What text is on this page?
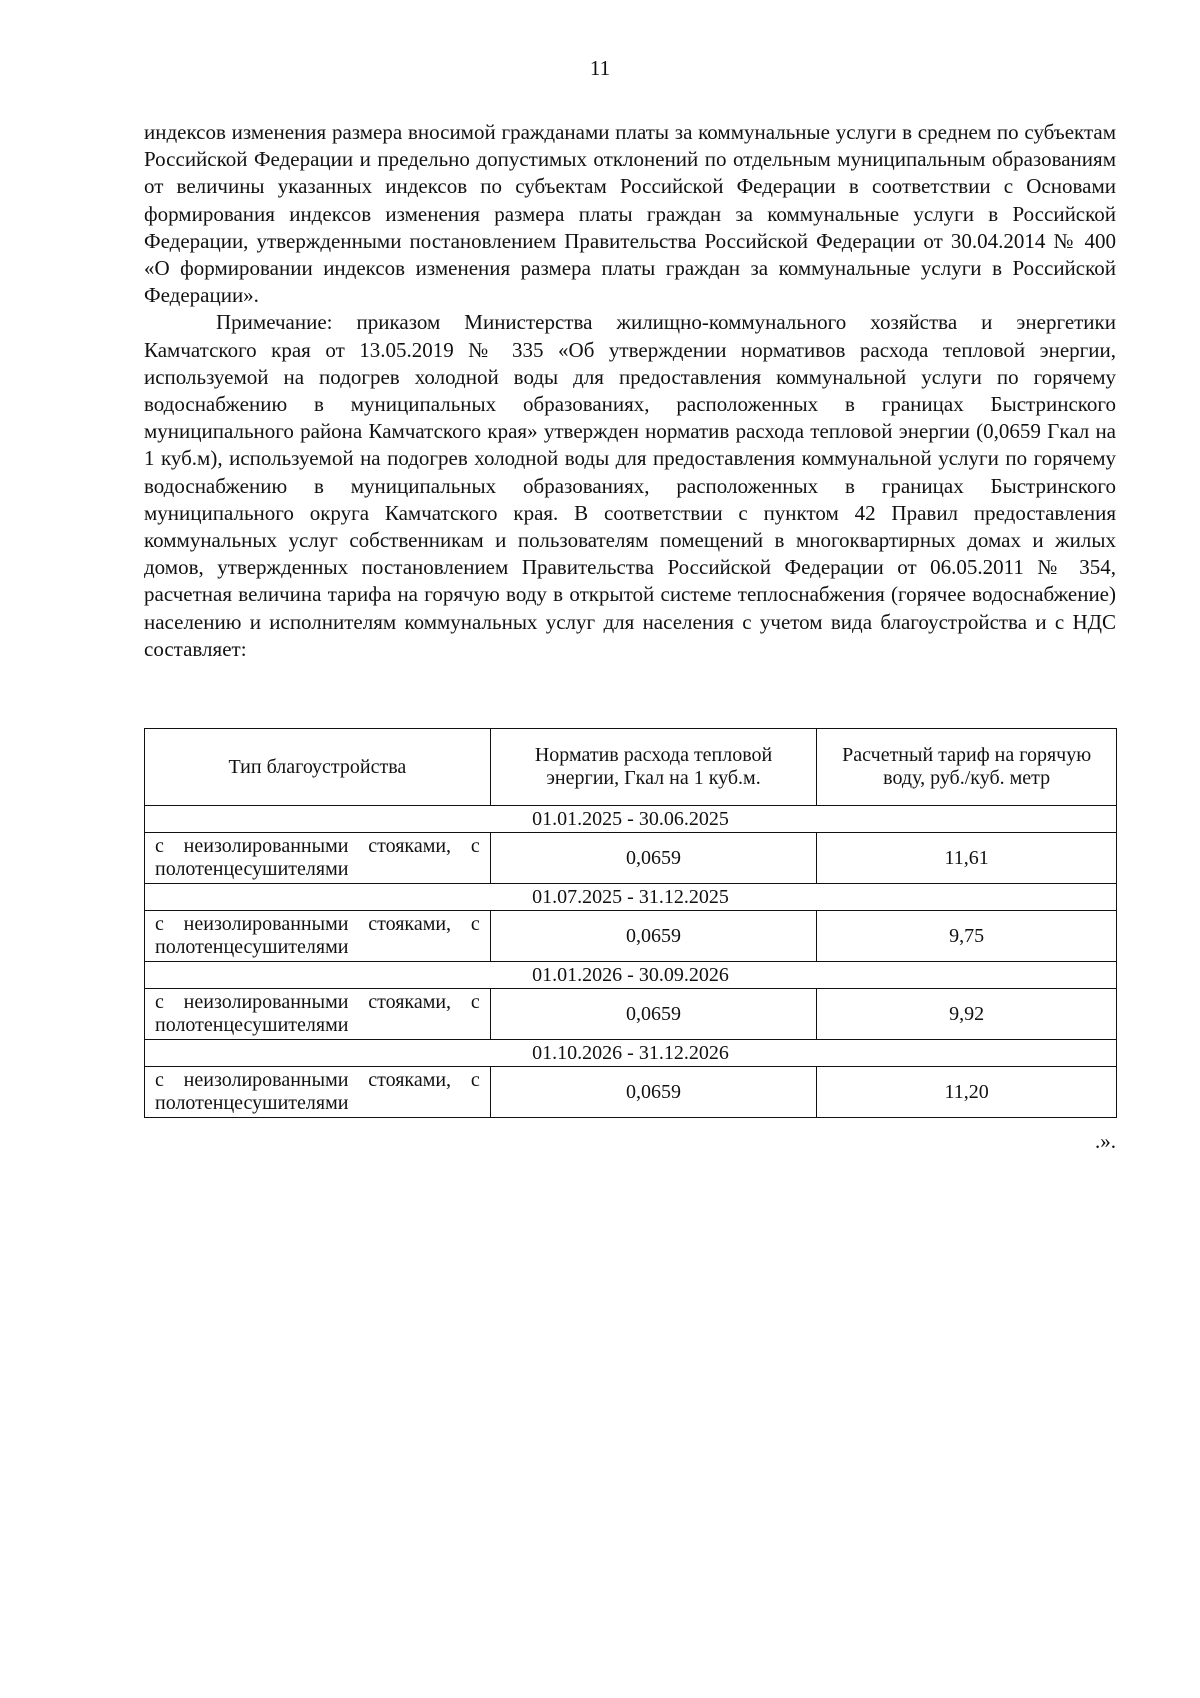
11

индексов изменения размера вносимой гражданами платы за коммунальные услуги в среднем по субъектам Российской Федерации и предельно допустимых отклонений по отдельным муниципальным образованиям от величины указанных индексов по субъектам Российской Федерации в соответствии с Основами формирования индексов изменения размера платы граждан за коммунальные услуги в Российской Федерации, утвержденными постановлением Правительства Российской Федерации от 30.04.2014 № 400 «О формировании индексов изменения размера платы граждан за коммунальные услуги в Российской Федерации».

Примечание: приказом Министерства жилищно-коммунального хозяйства и энергетики Камчатского края от 13.05.2019 № 335 «Об утверждении нормативов расхода тепловой энергии, используемой на подогрев холодной воды для предоставления коммунальной услуги по горячему водоснабжению в муниципальных образованиях, расположенных в границах Быстринского муниципального района Камчатского края» утвержден норматив расхода тепловой энергии (0,0659 Гкал на 1 куб.м), используемой на подогрев холодной воды для предоставления коммунальной услуги по горячему водоснабжению в муниципальных образованиях, расположенных в границах Быстринского муниципального округа Камчатского края. В соответствии с пунктом 42 Правил предоставления коммунальных услуг собственникам и пользователям помещений в многоквартирных домах и жилых домов, утвержденных постановлением Правительства Российской Федерации от 06.05.2011 № 354, расчетная величина тарифа на горячую воду в открытой системе теплоснабжения (горячее водоснабжение) населению и исполнителям коммунальных услуг для населения с учетом вида благоустройства и с НДС составляет:

Тип благоустройства	Норматив расхода тепловой энергии, Гкал на 1 куб.м.	Расчетный тариф на горячую воду, руб./куб. метр
01.01.2025 - 30.06.2025		
с неизолированными стояками, с полотенцесушителями	0,0659	11,61
01.07.2025 - 31.12.2025		
с неизолированными стояками, с полотенцесушителями	0,0659	9,75
01.01.2026 - 30.09.2026		
с неизолированными стояками, с полотенцесушителями	0,0659	9,92
01.10.2026 - 31.12.2026		
с неизолированными стояками, с полотенцесушителями	0,0659	11,20
.».
